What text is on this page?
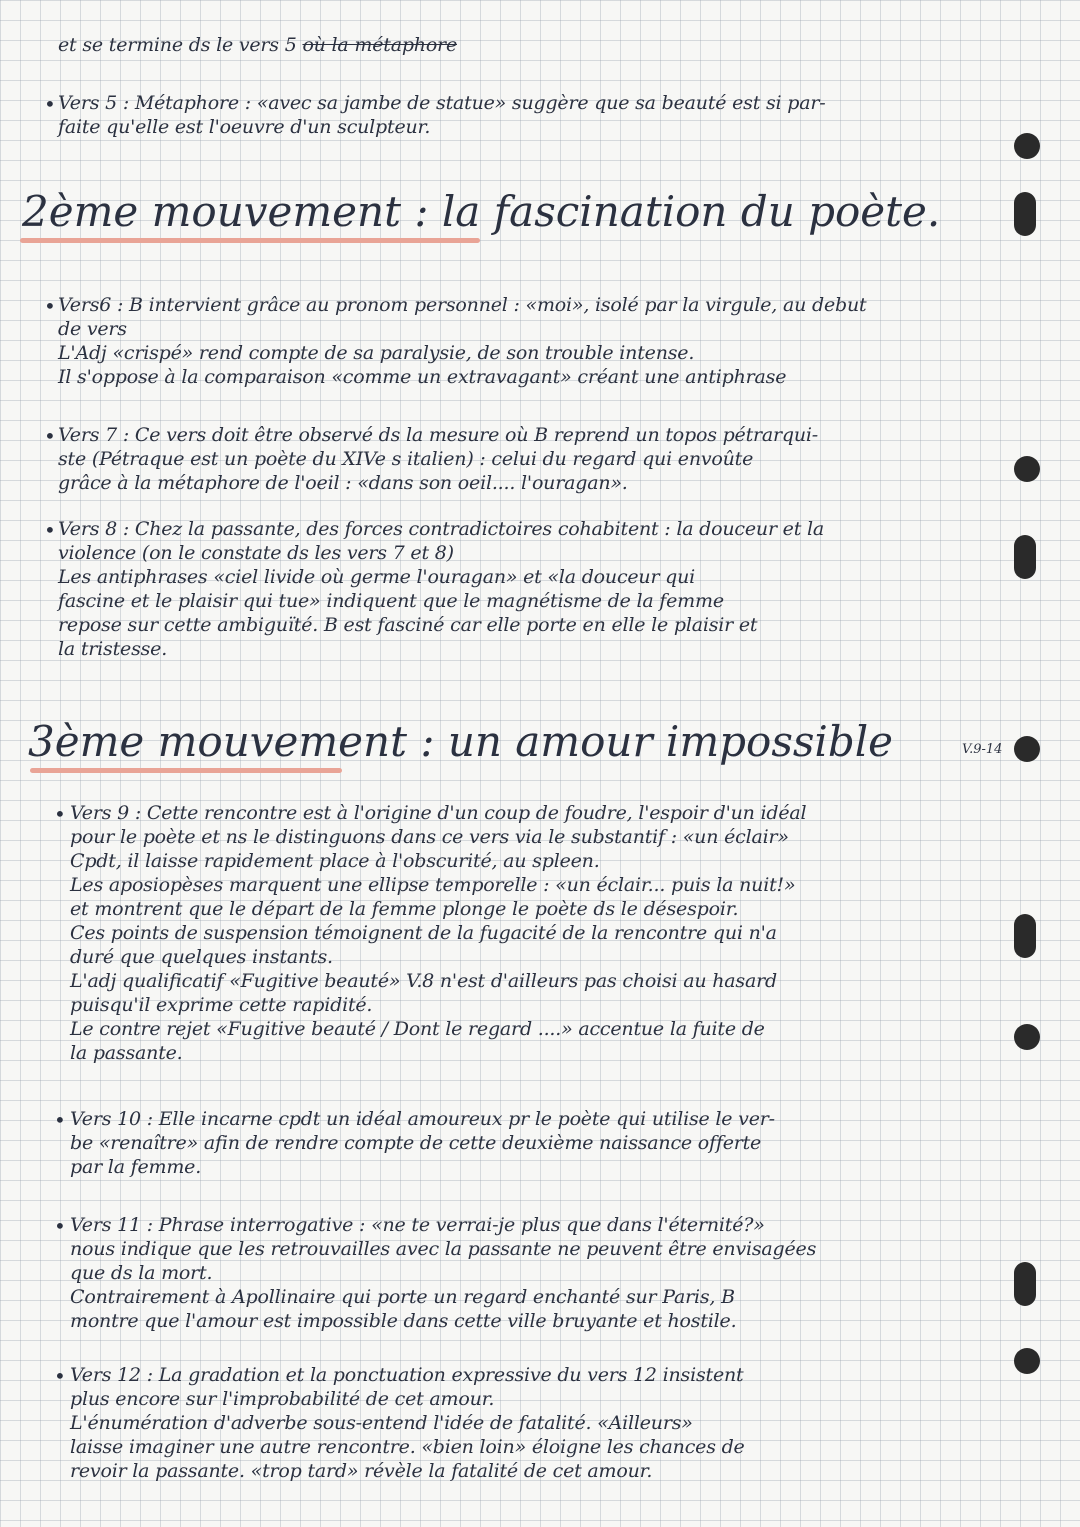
et se termine ds le vers 5 où la métaphore
• Vers 5 : Métaphore : «avec sa jambe de statue» suggère que sa beauté est si par-
faite qu'elle est l'oeuvre d'un sculpteur.
2ème mouvement : la fascination du poète.
• Vers6 : B intervient grâce au pronom personnel : «moi», isolé par la virgule, au debut
de vers
L'Adj «crispé» rend compte de sa paralysie, de son trouble intense.
Il s'oppose à la comparaison «comme un extravagant» créant une antiphrase
• Vers 7 : Ce vers doit être observé ds la mesure où B reprend un topos pétrarqui-
ste (Pétraque est un poète du XIVe s italien) : celui du regard qui envoûte
grâce à la métaphore de l'oeil : «dans son oeil.... l'ouragan».
• Vers 8 : Chez la passante, des forces contradictoires cohabitent : la douceur et la
violence (on le constate ds les vers 7 et 8)
Les antiphrases «ciel livide où germe l'ouragan» et «la douceur qui
fascine et le plaisir qui tue» indiquent que le magnétisme de la femme
repose sur cette ambiguïté. B est fasciné car elle porte en elle le plaisir et
la tristesse.
3ème mouvement : un amour impossible	V.9-14
• Vers 9 : Cette rencontre est à l'origine d'un coup de foudre, l'espoir d'un idéal
pour le poète et ns le distinguons dans ce vers via le substantif : «un éclair»
Cpdt, il laisse rapidement place à l'obscurité, au spleen.
Les aposiopèses marquent une ellipse temporelle : «un éclair... puis la nuit!»
et montrent que le départ de la femme plonge le poète ds le désespoir.
Ces points de suspension témoignent de la fugacité de la rencontre qui n'a
duré que quelques instants.
L'adj qualificatif «Fugitive beauté» V.8 n'est d'ailleurs pas choisi au hasard
puisqu'il exprime cette rapidité.
Le contre rejet «Fugitive beauté / Dont le regard ....» accentue la fuite de
la passante.
• Vers 10 : Elle incarne cpdt un idéal amoureux pr le poète qui utilise le ver-
be «renaître» afin de rendre compte de cette deuxième naissance offerte
par la femme.
• Vers 11 : Phrase interrogative : «ne te verrai-je plus que dans l'éternité?»
nous indique que les retrouvailles avec la passante ne peuvent être envisagées
que ds la mort.
Contrairement à Apollinaire qui porte un regard enchanté sur Paris, B
montre que l'amour est impossible dans cette ville bruyante et hostile.
• Vers 12 : La gradation et la ponctuation expressive du vers 12 insistent
plus encore sur l'improbabilité de cet amour.
L'énumération d'adverbe sous-entend l'idée de fatalité. «Ailleurs»
laisse imaginer une autre rencontre. «bien loin» éloigne les chances de
revoir la passante. «trop tard» révèle la fatalité de cet amour.
